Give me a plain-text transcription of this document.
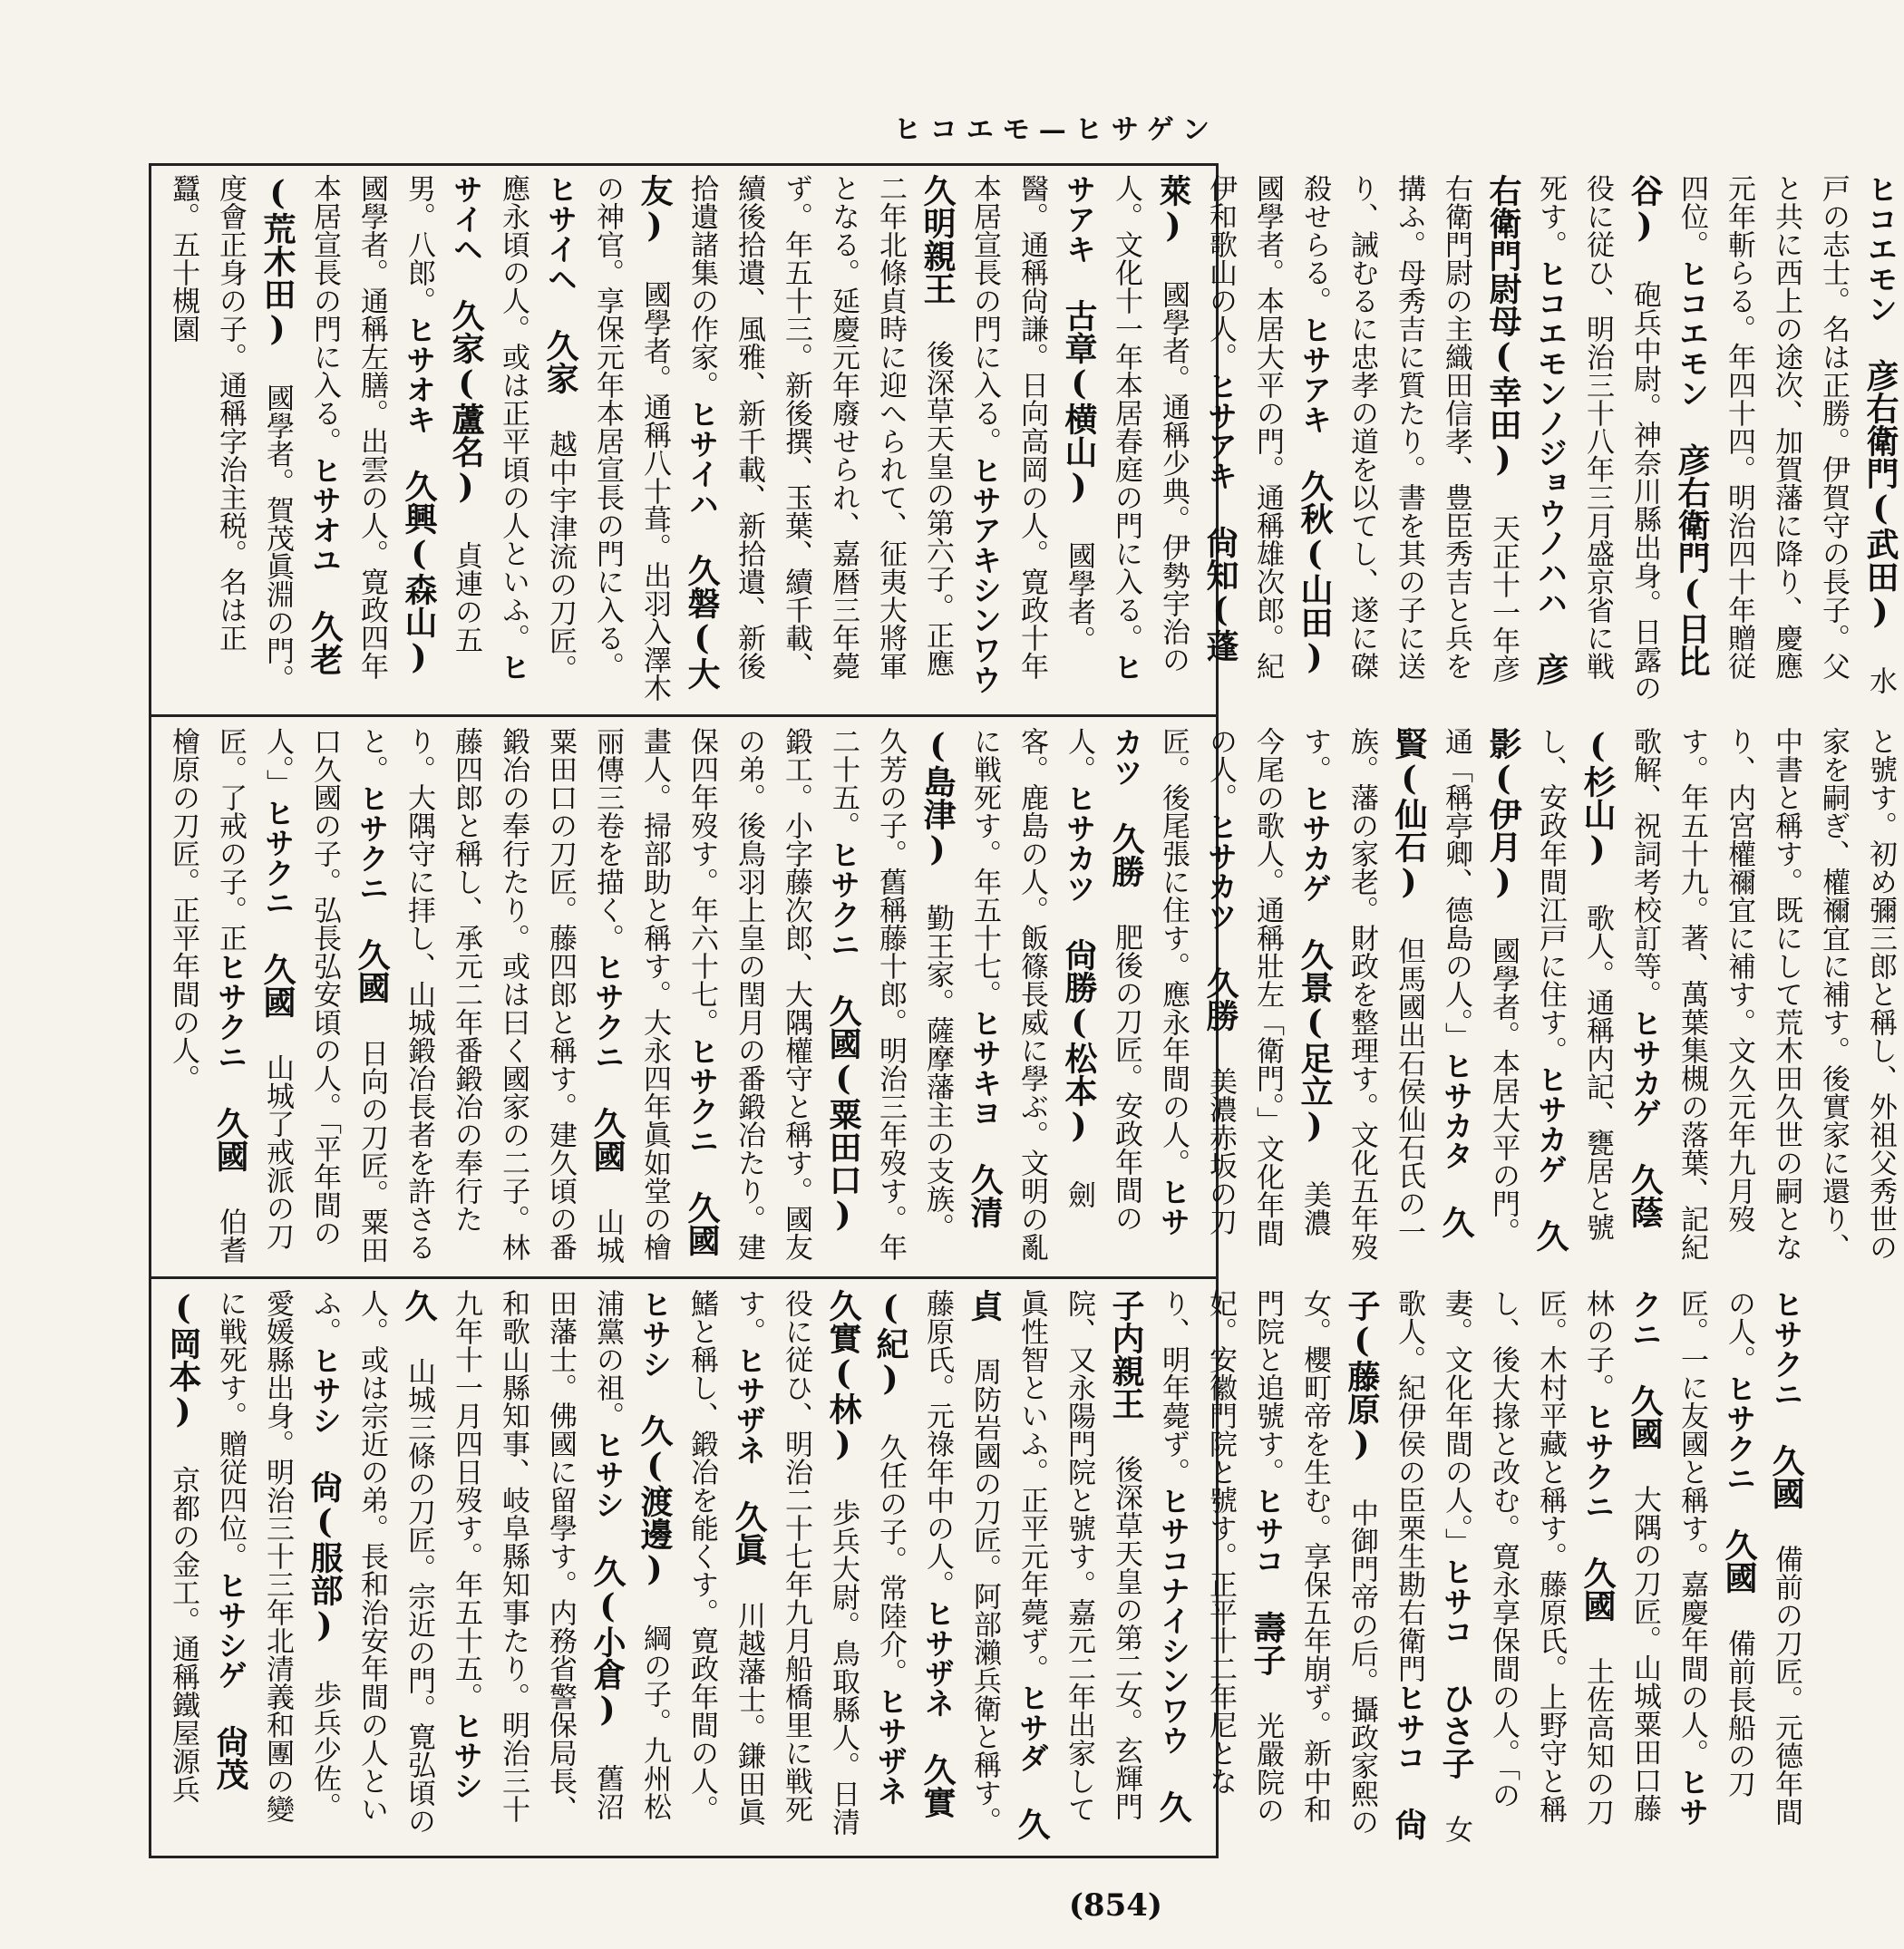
ヒコエモ—ヒサゲン
ヒコエモン 彦右衛門(武田) 水戸の志士。名は正勝。伊賀守の長子。父と共に西上の途次、加賀藩に降り、慶應元年斬らる。年四十四。明治四十年贈従四位。ヒコエモン 彦右衛門(日比谷) 砲兵中尉。神奈川縣出身。日露の役に従ひ、明治三十八年三月盛京省に戦死す。ヒコエモンノジョウノハハ 彦右衛門尉母(幸田) 天正十一年彦右衛門尉の主織田信孝、豊臣秀吉と兵を搆ふ。母秀吉に質たり。書を其の子に送り、誡むるに忠孝の道を以てし、遂に磔殺せらる。ヒサアキ 久秋(山田) 國學者。本居大平の門。通稱雄次郎。紀伊和歌山の人。ヒサアキ 尙知(蓬萊) 國學者。通稱少典。伊勢宇治の人。文化十一年本居春庭の門に入る。ヒサアキ 古章(横山) 國學者。醫。通稱尙謙。日向高岡の人。寛政十年本居宣長の門に入る。ヒサアキシンワウ 久明親王 後深草天皇の第六子。正應二年北條貞時に迎へられて、征夷大將軍となる。延慶元年廢せられ、嘉暦三年薨ず。年五十三。新後撰、玉葉、續千載、續後拾遺、風雅、新千載、新拾遺、新後拾遺諸集の作家。ヒサイハ 久磐(大友) 國學者。通稱八十葺。出羽入澤木の神官。享保元年本居宣長の門に入る。ヒサイヘ 久家 越中宇津流の刀匠。應永頃の人。或は正平頃の人といふ。ヒサイヘ 久家(蘆名) 貞連の五男。八郎。ヒサオキ 久興(森山) 國學者。通稱左膳。出雲の人。寛政四年本居宣長の門に入る。ヒサオユ 久老(荒木田) 國學者。賀茂眞淵の門。度會正身の子。通稱字治主税。名は正蠶。五十槻園
と號す。初め彌三郎と稱し、外祖父秀世の家を嗣ぎ、權禰宜に補す。後實家に還り、中書と稱す。既にして荒木田久世の嗣となり、内宮權禰宜に補す。文久元年九月歿す。年五十九。著、萬葉集槻の落葉、記紀歌解、祝詞考校訂等。ヒサカゲ 久蔭(杉山) 歌人。通稱内記、甕居と號し、安政年間江戸に住す。ヒサカゲ 久影(伊月) 國學者。本居大平の門。通「稱亭卿、德島の人。」ヒサカタ 久賢(仙石) 但馬國出石侯仙石氏の一族。藩の家老。財政を整理す。文化五年歿す。ヒサカゲ 久景(足立) 美濃今尾の歌人。通稱壯左「衛門。」文化年間の人。ヒサカツ 久勝 美濃赤坂の刀匠。後尾張に住す。應永年間の人。ヒサカツ 久勝 肥後の刀匠。安政年間の人。ヒサカツ 尙勝(松本) 劍客。鹿島の人。飯篠長威に學ぶ。文明の亂に戦死す。年五十七。ヒサキヨ 久清(島津) 勤王家。薩摩藩主の支族。久芳の子。舊稱藤十郎。明治三年歿す。年二十五。ヒサクニ 久國(粟田口) 鍛工。小字藤次郎、大隅權守と稱す。國友の弟。後鳥羽上皇の閏月の番鍛冶たり。建保四年歿す。年六十七。ヒサクニ 久國 畫人。掃部助と稱す。大永四年眞如堂の檜丽傳三卷を描く。ヒサクニ 久國 山城粟田口の刀匠。藤四郎と稱す。建久頃の番鍛冶の奉行たり。或は曰く國家の二子。林藤四郎と稱し、承元二年番鍛冶の奉行たり。大隅守に拝し、山城鍛冶長者を許さると。ヒサクニ 久國 日向の刀匠。粟田口久國の子。弘長弘安頃の人。「平年間の人。」ヒサクニ 久國 山城了戒派の刀匠。了戒の子。正ヒサクニ 久國 伯耆檜原の刀匠。正平年間の人。
ヒサクニ 久國 備前の刀匠。元德年間の人。ヒサクニ 久國 備前長船の刀匠。一に友國と稱す。嘉慶年間の人。ヒサクニ 久國 大隅の刀匠。山城粟田口藤林の子。ヒサクニ 久國 土佐高知の刀匠。木村平藏と稱す。藤原氏。上野守と稱し、後大掾と改む。寛永享保間の人。「の妻。文化年間の人。」ヒサコ ひさ子 女歌人。紀伊侯の臣栗生勘右衛門ヒサコ 尙子(藤原) 中御門帝の后。攝政家熙の女。櫻町帝を生む。享保五年崩ず。新中和門院と追號す。ヒサコ 壽子 光嚴院の妃。安徽門院と號す。正平十二年尼となり、明年薨ず。ヒサコナイシンワウ 久子内親王 後深草天皇の第二女。玄輝門院、又永陽門院と號す。嘉元二年出家して眞性智といふ。正平元年薨ず。ヒサダ 久貞 周防岩國の刀匠。阿部瀨兵衛と稱す。藤原氏。元祿年中の人。ヒサザネ 久實(紀) 久任の子。常陸介。ヒサザネ 久實(林) 歩兵大尉。鳥取縣人。日清役に従ひ、明治二十七年九月船橋里に戦死す。ヒサザネ 久眞 川越藩士。鎌田眞鰭と稱し、鍛冶を能くす。寛政年間の人。ヒサシ 久(渡邊) 綱の子。九州松浦黨の祖。ヒサシ 久(小倉) 舊沼田藩士。佛國に留學す。内務省警保局長、和歌山縣知事、岐阜縣知事たり。明治三十九年十一月四日歿す。年五十五。ヒサシ 久 山城三條の刀匠。宗近の門。寛弘頃の人。或は宗近の弟。長和治安年間の人といふ。ヒサシ 尙(服部) 歩兵少佐。愛媛縣出身。明治三十三年北清義和團の變に戦死す。贈従四位。ヒサシゲ 尙茂(岡本) 京都の金工。通稱鐵屋源兵
(854)
